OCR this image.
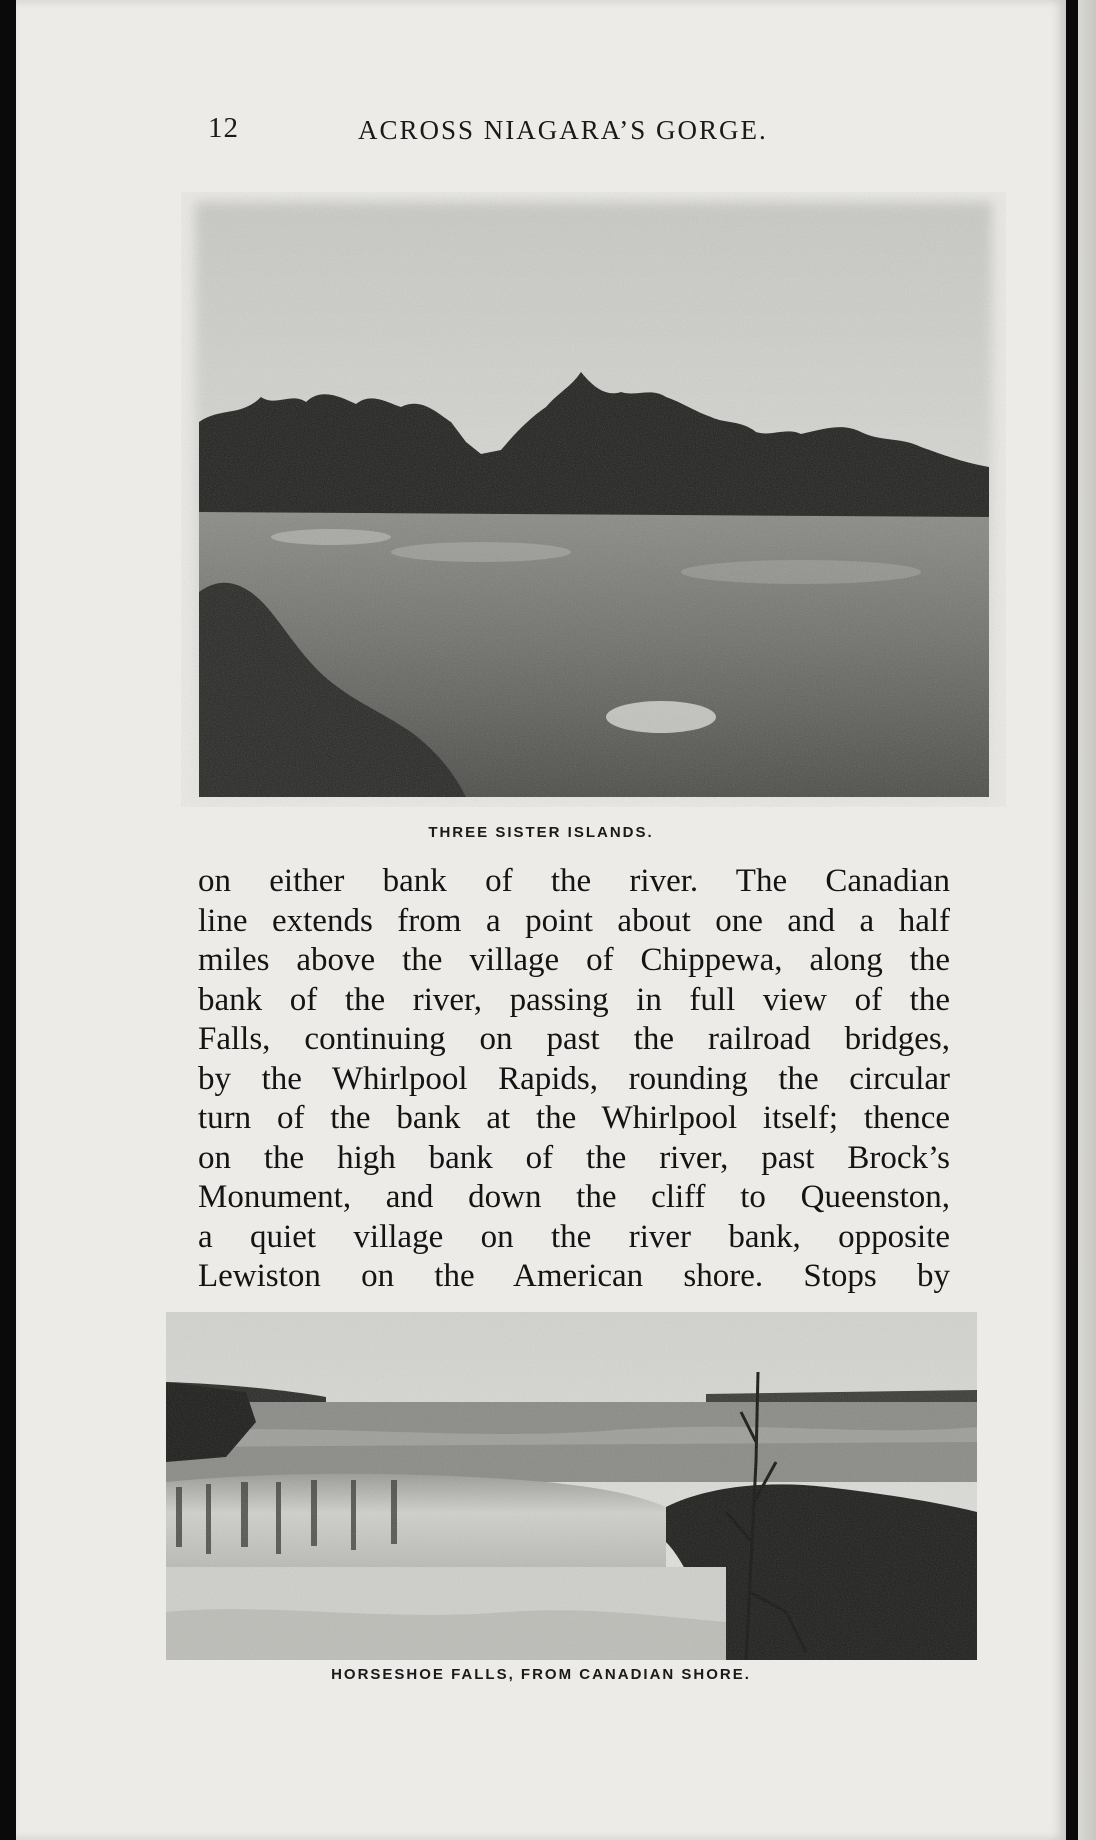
12	ACROSS NIAGARA’S GORGE.
THREE SISTER ISLANDS.
on either bank of the river. The Canadian
line extends from a point about one and a half
miles above the village of Chippewa, along the
bank of the river, passing in full view of the
Falls, continuing on past the railroad bridges,
by the Whirlpool Rapids, rounding the circular
turn of the bank at the Whirlpool itself; thence
on the high bank of the river, past Brock’s
Monument, and down the cliff to Queenston,
a quiet village on the river bank, opposite
Lewiston on the American shore. Stops by
HORSESHOE FALLS, FROM CANADIAN SHORE.
